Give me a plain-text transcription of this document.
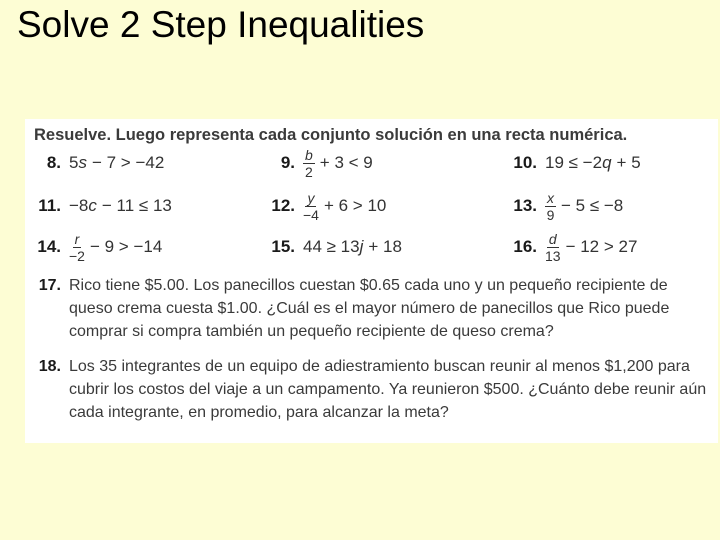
Solve 2 Step Inequalities
Resuelve. Luego representa cada conjunto solución en una recta numérica.
8. 5 s − 7 > −42	9. $\frac{b}{2} + 3 < 9$	10. 19 ≤ −2 q + 5
11. −8 c − 11 ≤ 13	12. $\frac{y}{-4} + 6 > 10$	13. $\frac{x}{9} - 5 \le -8$
14. $\frac{r}{-2} - 9 > -14$	15. 44 ≥ 13 j + 18	16. $\frac{d}{13} - 12 > 27$
17. Rico tiene $5.00. Los panecillos cuestan $0.65 cada uno y un pequeño recipiente de queso crema cuesta $1.00. ¿Cuál es el mayor número de panecillos que Rico puede comprar si compra también un pequeño recipiente de queso crema?
18. Los 35 integrantes de un equipo de adiestramiento buscan reunir al menos $1,200 para cubrir los costos del viaje a un campamento. Ya reunieron $500. ¿Cuánto debe reunir aún cada integrante, en promedio, para alcanzar la meta?
